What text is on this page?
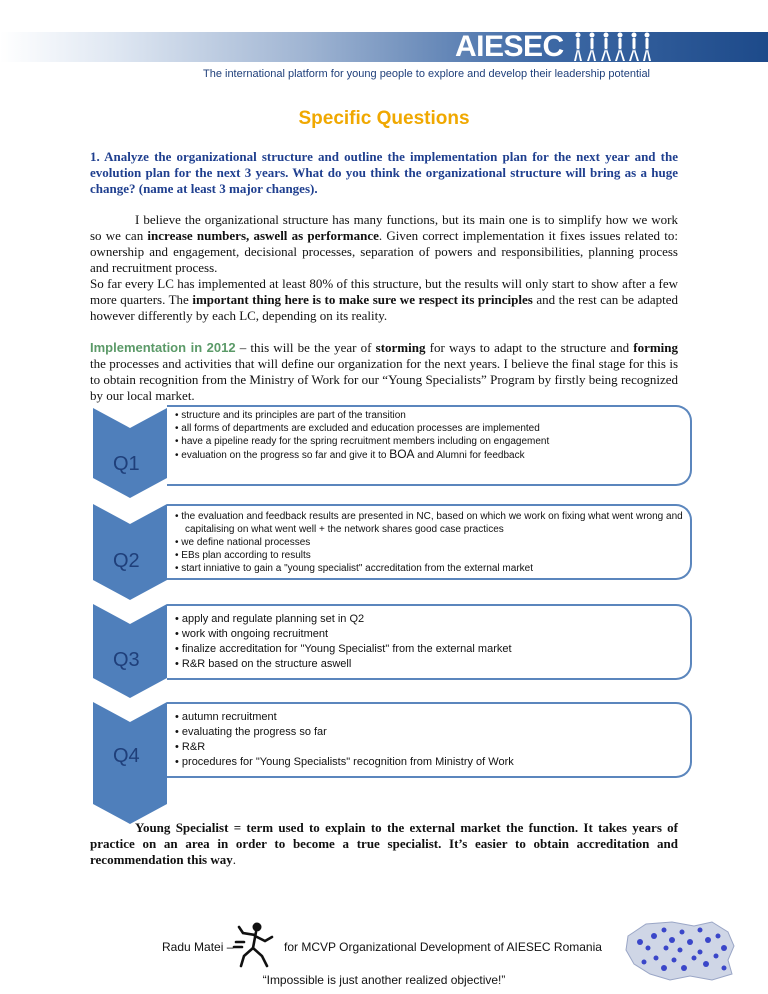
AIESEC
The international platform for young people to explore and develop their leadership potential
Specific Questions
1. Analyze the organizational structure and outline the implementation plan for the next year and the evolution plan for the next 3 years. What do you think the organizational structure will bring as a huge change? (name at least 3 major changes).
I believe the organizational structure has many functions, but its main one is to simplify how we work so we can increase numbers, aswell as performance. Given correct implementation it fixes issues related to: ownership and engagement, decisional processes, separation of powers and responsibilities, planning process and recruitment process.
So far every LC has implemented at least 80% of this structure, but the results will only start to show after a few more quarters. The important thing here is to make sure we respect its principles and the rest can be adapted however differently by each LC, depending on its reality.
Implementation in 2012 – this will be the year of storming for ways to adapt to the structure and forming the processes and activities that will define our organization for the next years. I believe the final stage for this is to obtain recognition from the Ministry of Work for our “Young Specialists” Program by firstly being recognized by our local market.
Q1
Q2
Q3
Q4
• structure and its principles are part of the transition
• all forms of departments are excluded and education processes are implemented
• have a pipeline ready for the spring recruitment members including on engagement
• evaluation on the progress so far and give it to BOA and Alumni for feedback
• the evaluation and feedback results are presented in NC, based on which we work on fixing what went wrong and capitalising on what went well + the network shares good case practices
• we define national processes
• EBs plan according to results
• start inniative to gain a "young specialist" accreditation from the external market
• apply and regulate planning set in Q2
• work with ongoing recruitment
• finalize accreditation for "Young Specialist" from the external market
• R&R based on the structure aswell
• autumn recruitment
• evaluating the progress so far
• R&R
• procedures for "Young Specialists" recognition from Ministry of Work
Young Specialist = term used to explain to the external market the function. It takes years of practice on an area in order to become a true specialist. It’s easier to obtain accreditation and recommendation this way.
Radu Matei –	for MCVP Organizational Development of AIESEC Romania
“Impossible is just another realized objective!”
